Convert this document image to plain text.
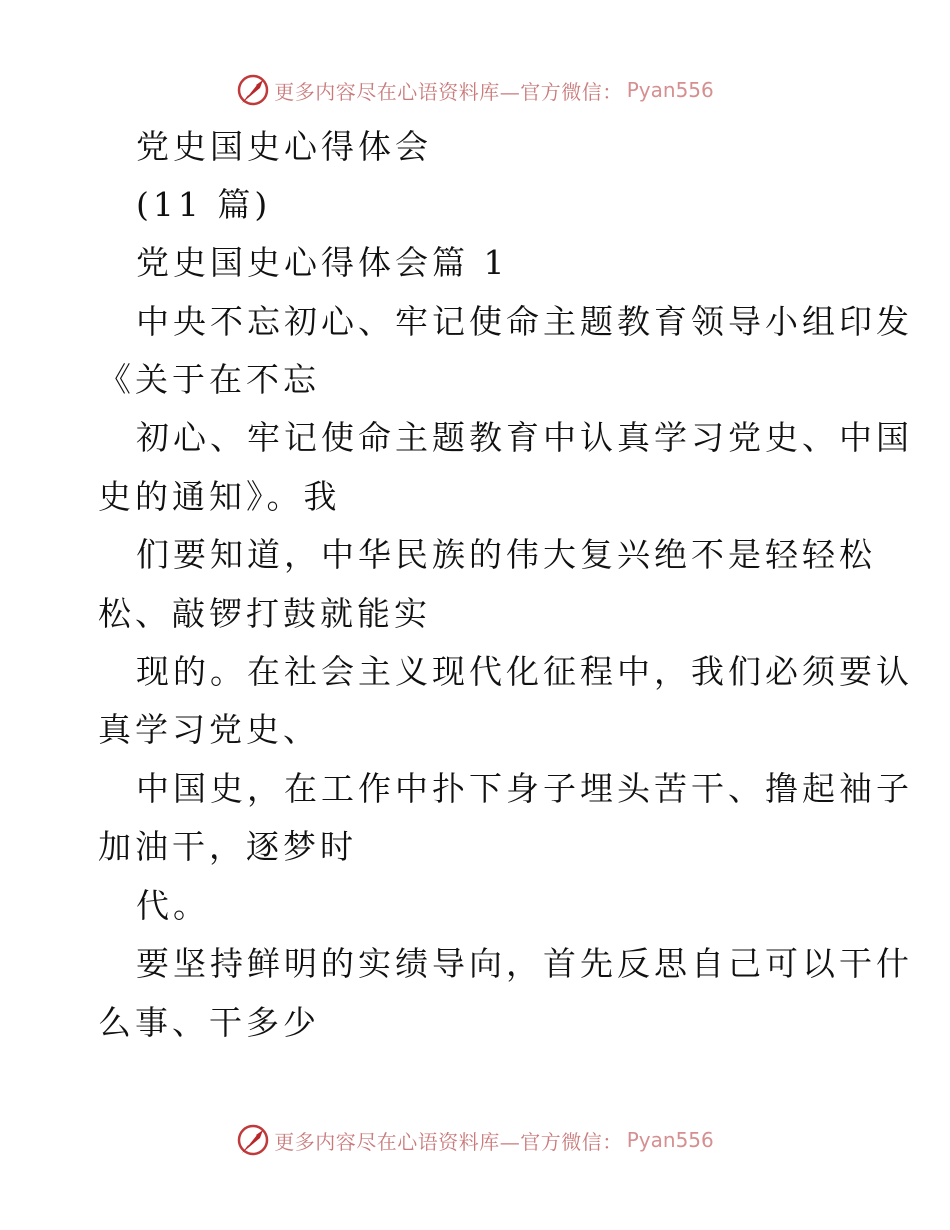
更多内容尽在心语资料库—官方微信： Pyan556
党史国史心得体会
(11 篇)
党史国史心得体会篇 1
中央不忘初心、牢记使命主题教育领导小组印发
《关于在不忘
初心、牢记使命主题教育中认真学习党史、中国
史的通知》。我
们要知道，中华民族的伟大复兴绝不是轻轻松
松、敲锣打鼓就能实
现的。在社会主义现代化征程中，我们必须要认
真学习党史、
中国史，在工作中扑下身子埋头苦干、撸起袖子
加油干，逐梦时
代。
要坚持鲜明的实绩导向，首先反思自己可以干什
么事、干多少
更多内容尽在心语资料库—官方微信： Pyan556
